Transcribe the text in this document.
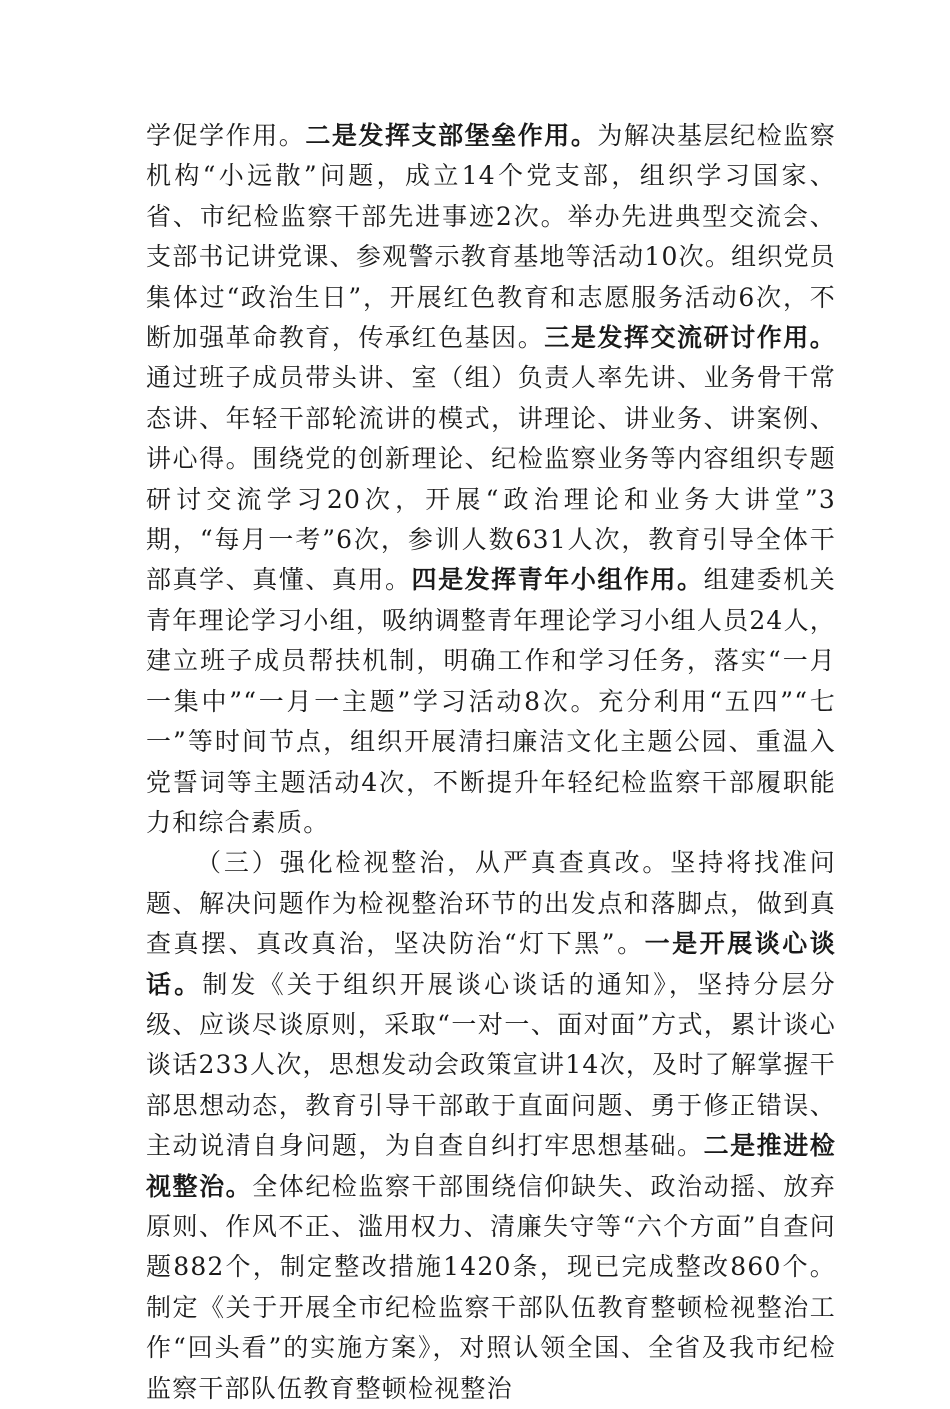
学促学作用。二是发挥支部堡垒作用。为解决基层纪检监察机构“小远散”问题，成立14个党支部，组织学习国家、省、市纪检监察干部先进事迹2次。举办先进典型交流会、支部书记讲党课、参观警示教育基地等活动10次。组织党员集体过“政治生日”，开展红色教育和志愿服务活动6次，不断加强革命教育，传承红色基因。三是发挥交流研讨作用。通过班子成员带头讲、室（组）负责人率先讲、业务骨干常态讲、年轻干部轮流讲的模式，讲理论、讲业务、讲案例、讲心得。围绕党的创新理论、纪检监察业务等内容组织专题研讨交流学习20次，开展“政治理论和业务大讲堂”3期，“每月一考”6次，参训人数631人次，教育引导全体干部真学、真懂、真用。四是发挥青年小组作用。组建委机关青年理论学习小组，吸纳调整青年理论学习小组人员24人，建立班子成员帮扶机制，明确工作和学习任务，落实“一月一集中”“一月一主题”学习活动8次。充分利用“五四”“七一”等时间节点，组织开展清扫廉洁文化主题公园、重温入党誓词等主题活动4次，不断提升年轻纪检监察干部履职能力和综合素质。

（三）强化检视整治，从严真查真改。坚持将找准问题、解决问题作为检视整治环节的出发点和落脚点，做到真查真摆、真改真治，坚决防治“灯下黑”。一是开展谈心谈话。制发《关于组织开展谈心谈话的通知》，坚持分层分级、应谈尽谈原则，采取“一对一、面对面”方式，累计谈心谈话233人次，思想发动会政策宣讲14次，及时了解掌握干部思想动态，教育引导干部敢于直面问题、勇于修正错误、主动说清自身问题，为自查自纠打牢思想基础。二是推进检视整治。全体纪检监察干部围绕信仰缺失、政治动摇、放弃原则、作风不正、滥用权力、清廉失守等“六个方面”自查问题882个，制定整改措施1420条，现已完成整改860个。制定《关于开展全市纪检监察干部队伍教育整顿检视整治工作“回头看”的实施方案》，对照认领全国、全省及我市纪检监察干部队伍教育整顿检视整治
